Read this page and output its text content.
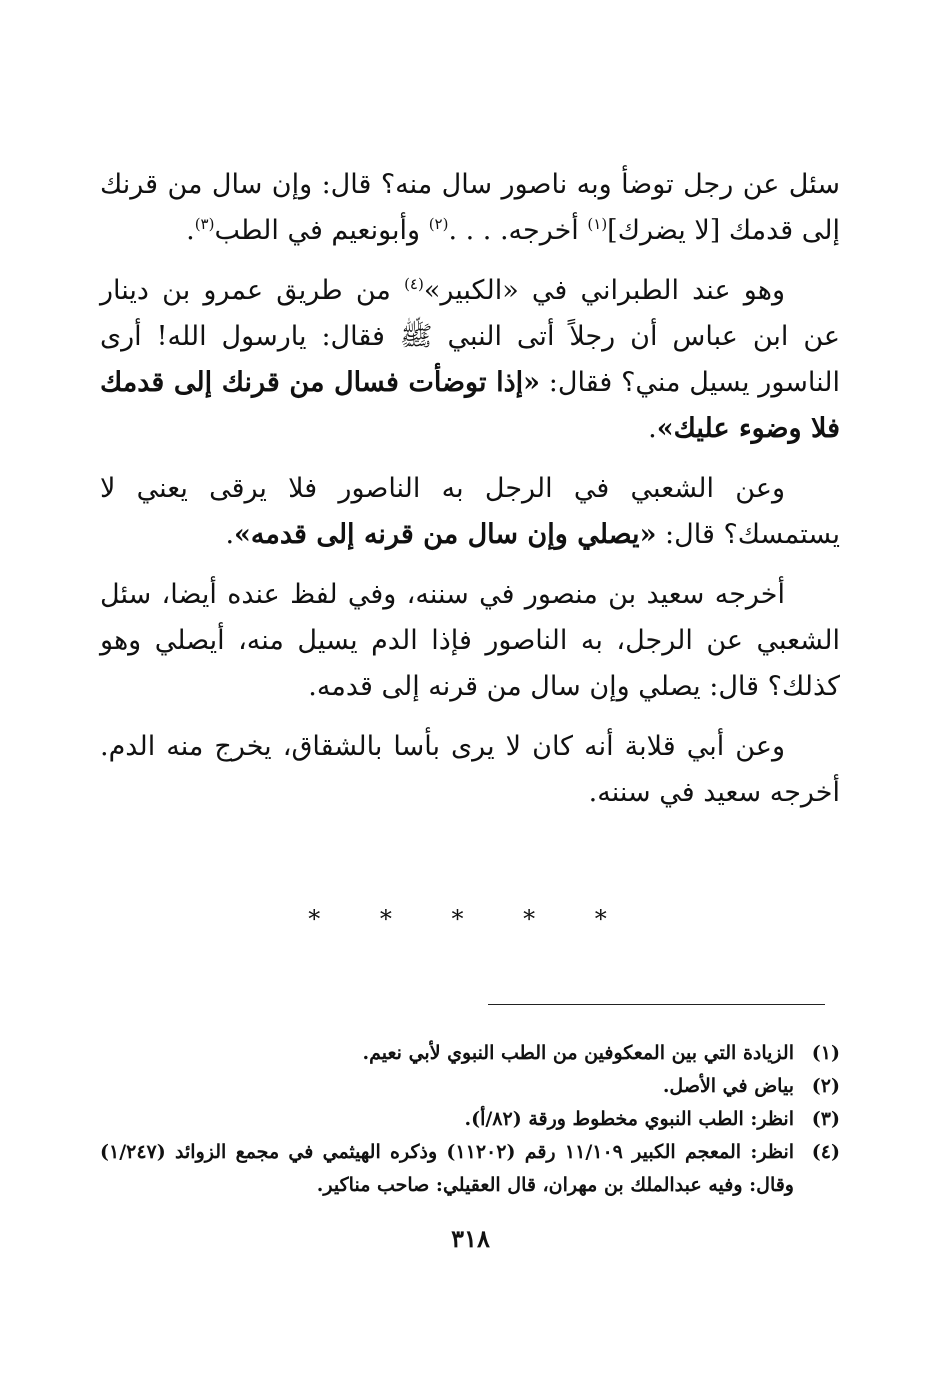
سئل عن رجل توضأ وبه ناصور سال منه؟ قال: وإن سال من قرنك إلى قدمك [لا يضرك]$^{(١)}$ أخرجه. . . .$^{(٢)}$ وأبونعيم في الطب$^{(٣)}$.

وهو عند الطبراني في «الكبير»$^{(٤)}$ من طريق عمرو بن دينار عن ابن عباس أن رجلاً أتى النبي ﷺ فقال: يارسول الله! أرى الناسور يسيل مني؟ فقال: «إذا توضأت فسال من قرنك إلى قدمك فلا وضوء عليك».

وعن الشعبي في الرجل به الناصور فلا يرقى يعني لا يستمسك؟ قال: «يصلي وإن سال من قرنه إلى قدمه».

أخرجه سعيد بن منصور في سننه، وفي لفظ عنده أيضا، سئل الشعبي عن الرجل، به الناصور فإذا الدم يسيل منه، أيصلي وهو كذلك؟ قال: يصلي وإن سال من قرنه إلى قدمه.

وعن أبي قلابة أنه كان لا يرى بأسا بالشقاق، يخرج منه الدم. أخرجه سعيد في سننه.

* * * * *
(١)
الزيادة التي بين المعكوفين من الطب النبوي لأبي نعيم.
(٢)
بياض في الأصل.
(٣)
انظر: الطب النبوي مخطوط ورقة (٨٢/أ).
(٤)
انظر: المعجم الكبير ١١/١٠٩ رقم (١١٢٠٢) وذكره الهيثمي في مجمع الزوائد (١/٢٤٧) وقال: وفيه عبدالملك بن مهران، قال العقيلي: صاحب مناكير.
٣١٨
